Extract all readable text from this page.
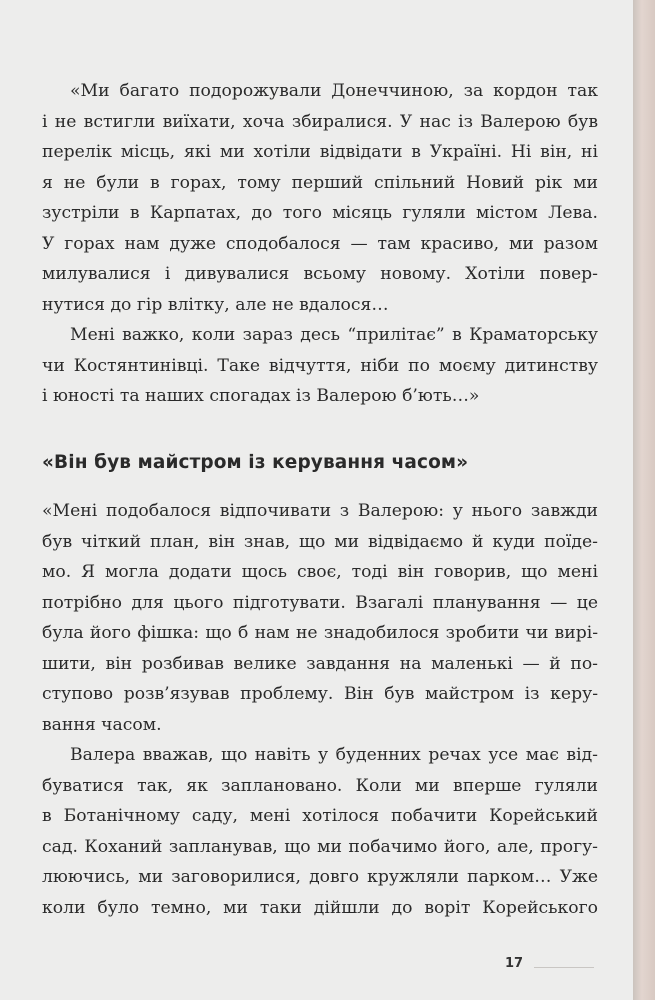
«Ми багато подорожували Донеччиною, за кордон так
і не встигли виїхати, хоча збиралися. У нас із Валерою був
перелік місць, які ми хотіли відвідати в Україні. Ні він, ні
я не були в горах, тому перший спільний Новий рік ми
зустріли в Карпатах, до того місяць гуляли містом Лева.
У горах нам дуже сподобалося — там красиво, ми разом
милувалися і дивувалися всьому новому. Хотіли повер-
нутися до гір влітку, але не вдалося…
Мені важко, коли зараз десь “прилітає” в Краматорську
чи Костянтинівці. Таке відчуття, ніби по моєму дитинству
і юності та наших спогадах із Валерою б’ють…»
«Він був майстром із керування часом»
«Мені подобалося відпочивати з Валерою: у нього завжди
був чіткий план, він знав, що ми відвідаємо й куди поїде-
мо. Я могла додати щось своє, тоді він говорив, що мені
потрібно для цього підготувати. Взагалі планування — це
була його фішка: що б нам не знадобилося зробити чи вирі-
шити, він розбивав велике завдання на маленькі — й по-
ступово розв’язував проблему. Він був майстром із керу-
вання часом.
Валера вважав, що навіть у буденних речах усе має від-
буватися так, як заплановано. Коли ми вперше гуляли
в Ботанічному саду, мені хотілося побачити Корейський
сад. Коханий запланував, що ми побачимо його, але, прогу-
люючись, ми заговорилися, довго кружляли парком… Уже
коли було темно, ми таки дійшли до воріт Корейського
17
